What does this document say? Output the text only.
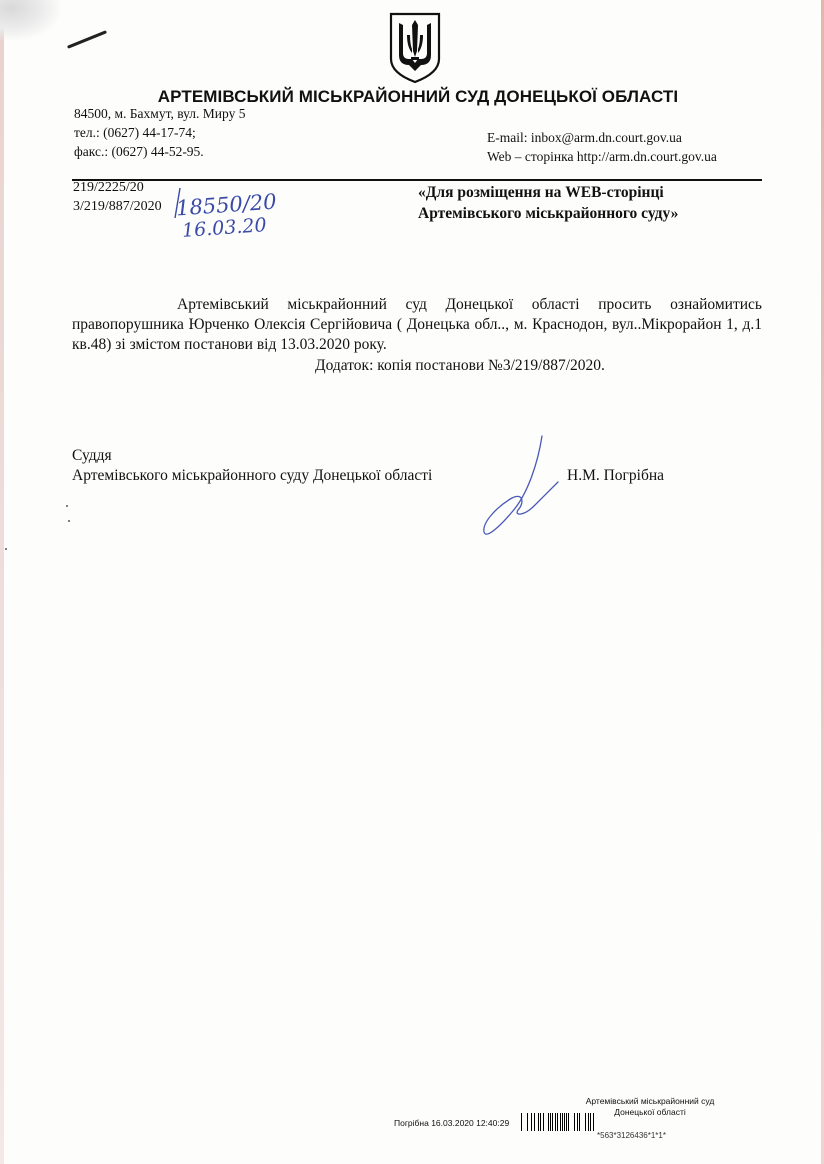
АРТЕМІВСЬКИЙ МІСЬКРАЙОННИЙ СУД ДОНЕЦЬКОЇ ОБЛАСТІ
84500, м. Бахмут, вул. Миру 5
тел.: (0627) 44-17-74;
факс.: (0627) 44-52-95.
E-mail: inbox@arm.dn.court.gov.ua
Web – сторінка http://arm.dn.court.gov.ua
219/2225/20
3/219/887/2020 18550/20
16.03.20
«Для розміщення на WEB-сторінці
Артемівського міськрайонного суду»

Артемівський міськрайонний суд Донецької області просить ознайомитись правопорушника Юрченко Олексія Сергійовича ( Донецька обл.., м. Краснодон, вул..Мікрорайон 1, д.1 кв.48) зі змістом постанови від 13.03.2020 року.

Додаток: копія постанови №3/219/887/2020.
Суддя
Артемівського міськрайонного суду Донецької області	Н.М. Погрібна
Артемівський міськрайонний суд
Донецької області
Погрібна 16.03.2020 12:40:29
*563*3126436*1*1*
